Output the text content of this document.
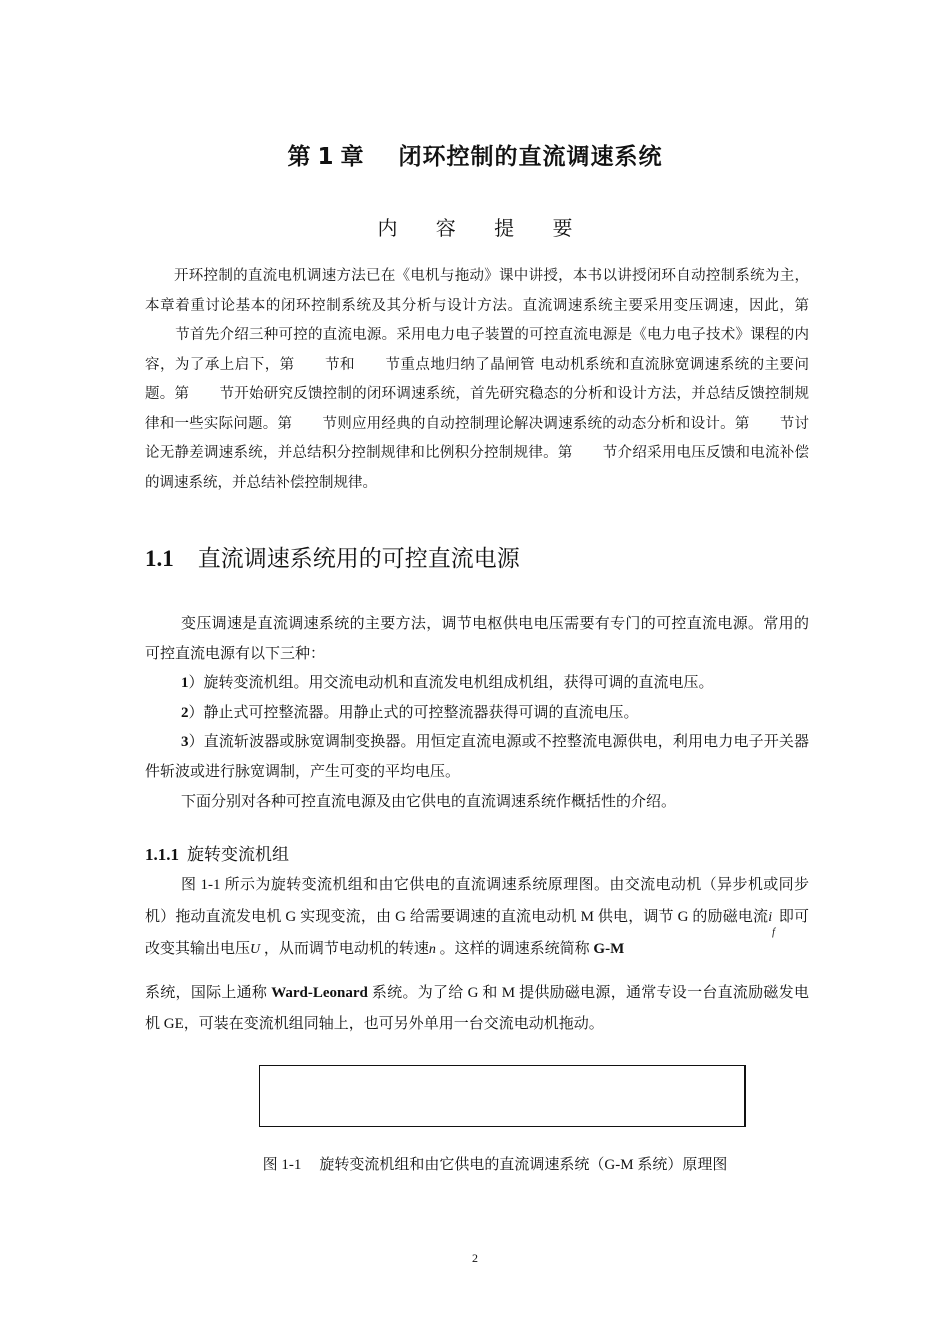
第 1 章 闭环控制的直流调速系统
内 容 提 要

开环控制的直流电机调速方法已在《电机与拖动》课中讲授，本书以讲授闭环自动控制系统为主，本章着重讨论基本的闭环控制系统及其分析与设计方法。直流调速系统主要采用变压调速，因此，第节首先介绍三种可控的直流电源。采用电力电子装置的可控直流电源是《电力电子技术》课程的内容，为了承上启下，第 节和 节重点地归纳了晶闸管 电动机系统和直流脉宽调速系统的主要问题。第 节开始研究反馈控制的闭环调速系统，首先研究稳态的分析和设计方法，并总结反馈控制规律和一些实际问题。第 节则应用经典的自动控制理论解决调速系统的动态分析和设计。第 节讨论无静差调速系统，并总结积分控制规律和比例积分控制规律。第 节介绍采用电压反馈和电流补偿的调速系统，并总结补偿控制规律。

1.1 直流调速系统用的可控直流电源

变压调速是直流调速系统的主要方法，调节电枢供电电压需要有专门的可控直流电源。常用的可控直流电源有以下三种：

1）旋转变流机组。用交流电动机和直流发电机组成机组，获得可调的直流电压。

2）静止式可控整流器。用静止式的可控整流器获得可调的直流电压。

3）直流斩波器或脉宽调制变换器。用恒定直流电源或不控整流电源供电，利用电力电子开关器件斩波或进行脉宽调制，产生可变的平均电压。

下面分别对各种可控直流电源及由它供电的直流调速系统作概括性的介绍。

1.1.1 旋转变流机组

图 1-1 所示为旋转变流机组和由它供电的直流调速系统原理图。由交流电动机（异步机或同步机）拖动直流发电机 G 实现变流，由 G 给需要调速的直流电动机 M 供电，调节 G 的励磁电流$i_f$ 即可改变其输出电压U ，从而调节电动机的转速n 。这样的调速系统简称 G-M
系统，国际上通称 Ward-Leonard 系统。为了给 G 和 M 提供励磁电源，通常专设一台直流励磁发电机 GE，可装在变流机组同轴上，也可另外单用一台交流电动机拖动。

图 1-1 旋转变流机组和由它供电的直流调速系统（G-M 系统）原理图
2
